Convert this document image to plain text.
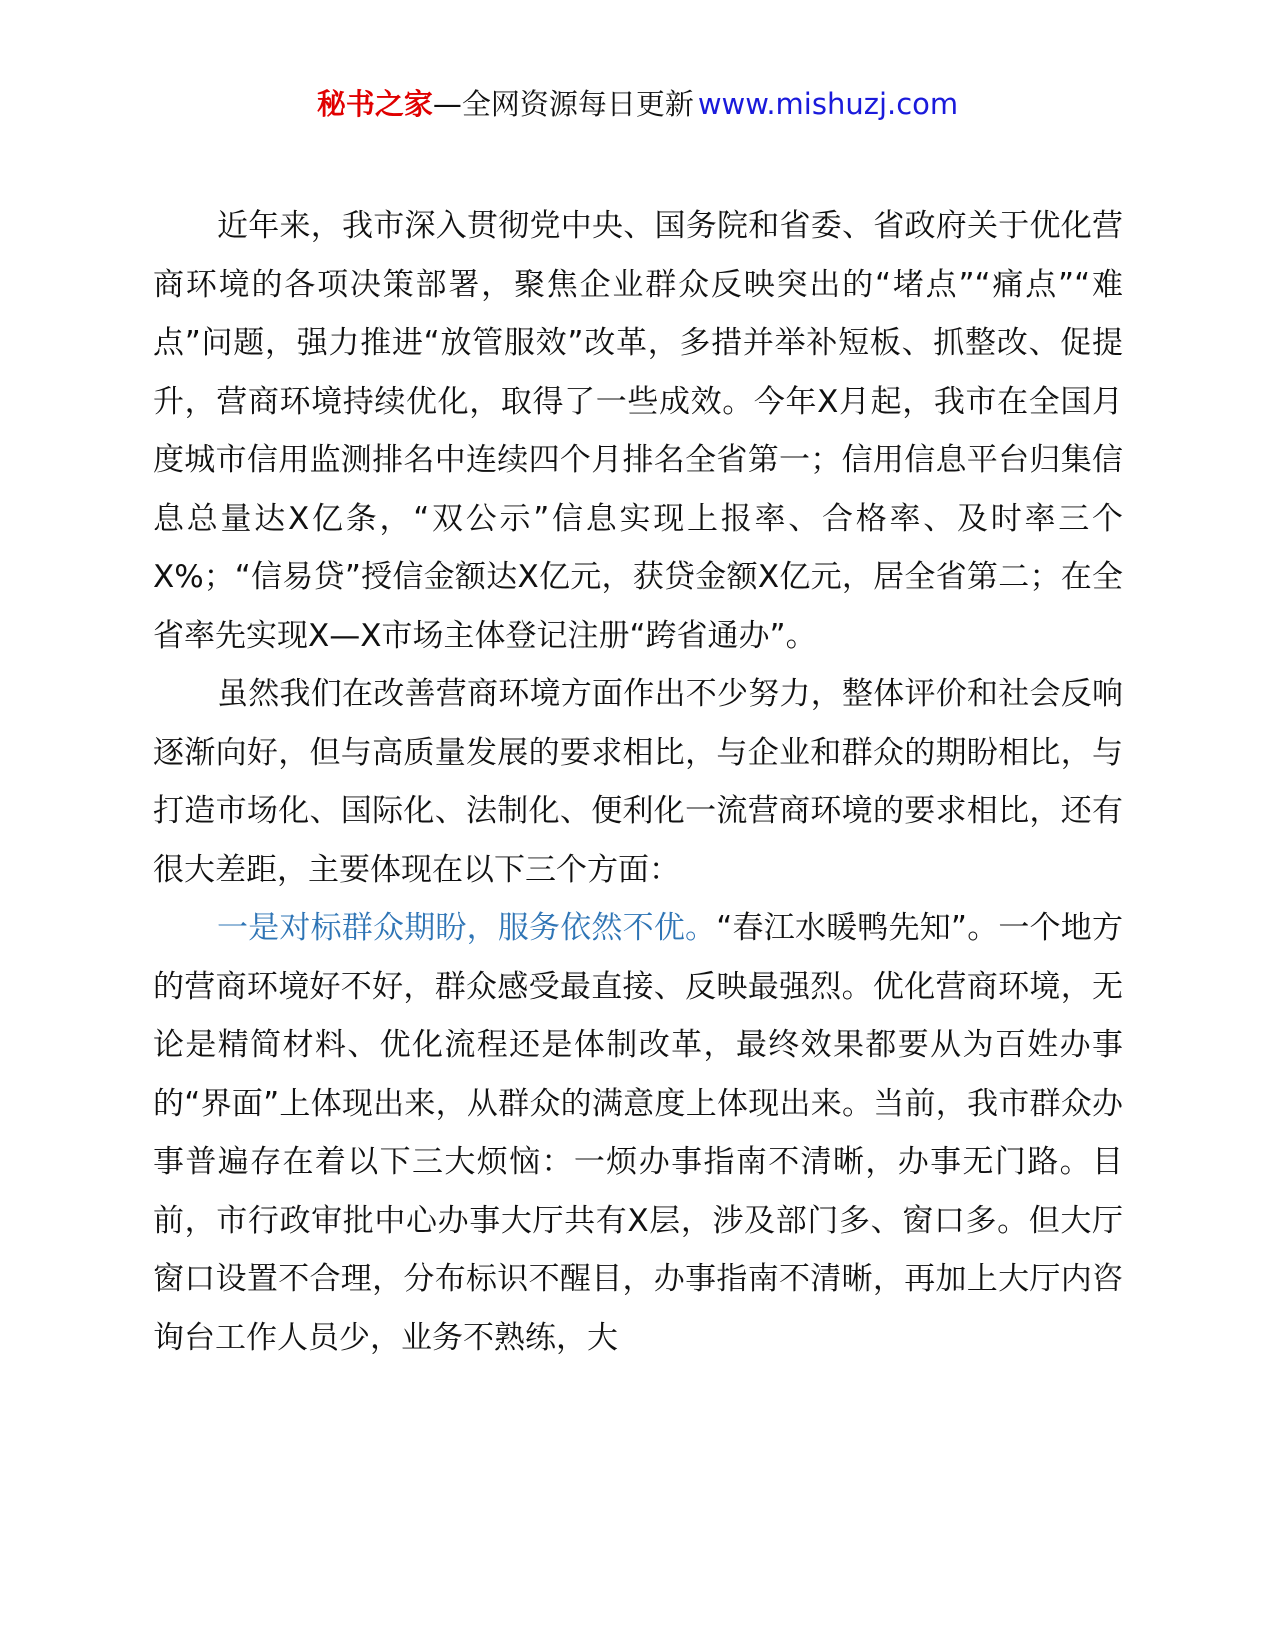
秘书之家—全网资源每日更新 www.mishuzj.com

近年来，我市深入贯彻党中央、国务院和省委、省政府关于优化营商环境的各项决策部署，聚焦企业群众反映突出的“堵点”“痛点”“难点”问题，强力推进“放管服效”改革，多措并举补短板、抓整改、促提升，营商环境持续优化，取得了一些成效。今年X月起，我市在全国月度城市信用监测排名中连续四个月排名全省第一；信用信息平台归集信息总量达X亿条，“双公示”信息实现上报率、合格率、及时率三个X%；“信易贷”授信金额达X亿元，获贷金额X亿元，居全省第二；在全省率先实现X—X市场主体登记注册“跨省通办”。

虽然我们在改善营商环境方面作出不少努力，整体评价和社会反响逐渐向好，但与高质量发展的要求相比，与企业和群众的期盼相比，与打造市场化、国际化、法制化、便利化一流营商环境的要求相比，还有很大差距，主要体现在以下三个方面：

一是对标群众期盼，服务依然不优。“春江水暖鸭先知”。一个地方的营商环境好不好，群众感受最直接、反映最强烈。优化营商环境，无论是精简材料、优化流程还是体制改革，最终效果都要从为百姓办事的“界面”上体现出来，从群众的满意度上体现出来。当前，我市群众办事普遍存在着以下三大烦恼：一烦办事指南不清晰，办事无门路。目前，市行政审批中心办事大厅共有X层，涉及部门多、窗口多。但大厅窗口设置不合理，分布标识不醒目，办事指南不清晰，再加上大厅内咨询台工作人员少，业务不熟练，大
